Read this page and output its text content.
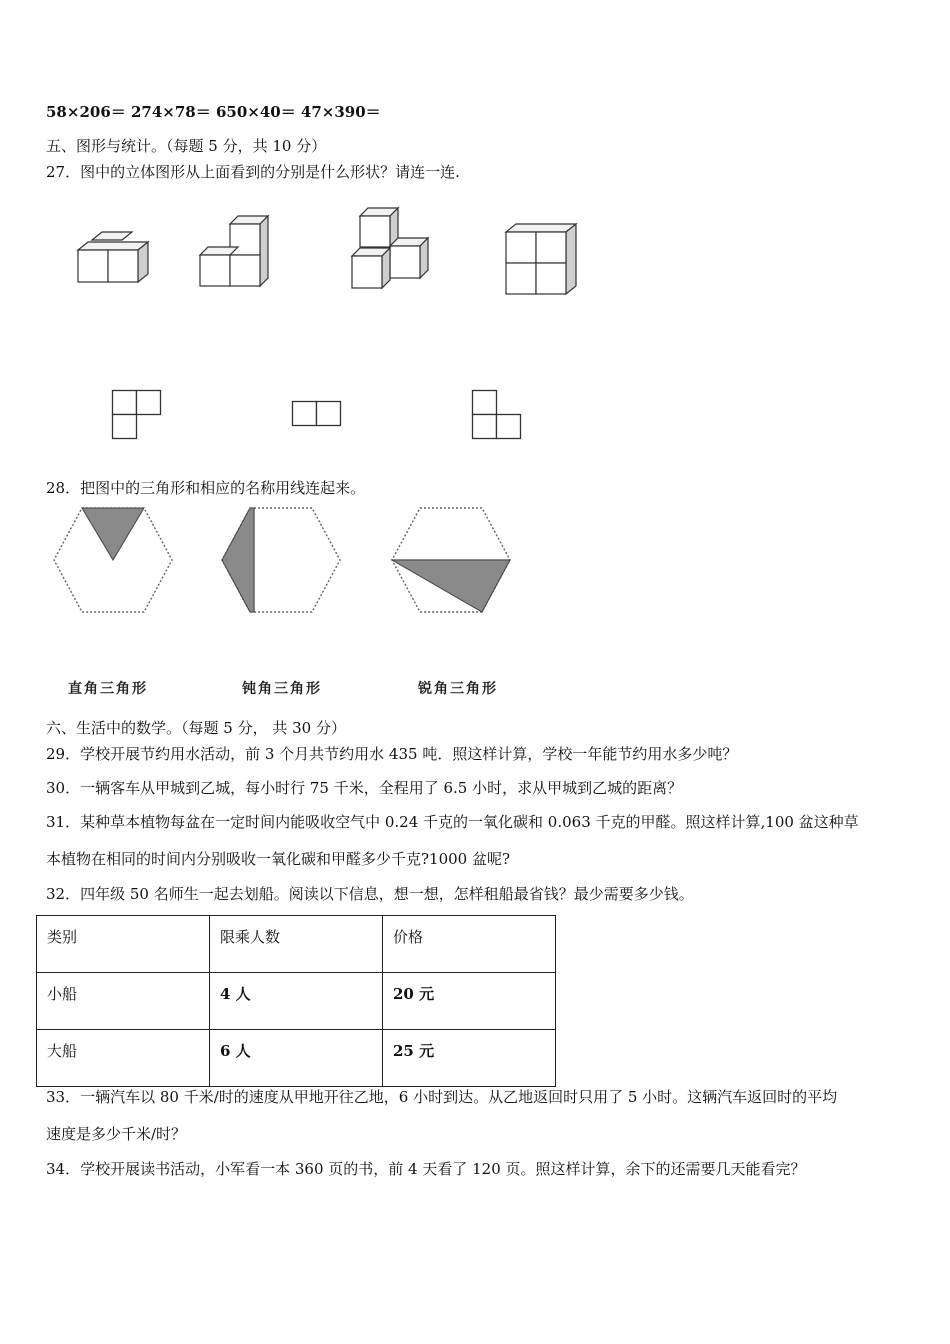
58×206＝ 274×78＝ 650×40＝ 47×390＝
五、图形与统计。（每题 5 分，共 10 分）
27．图中的立体图形从上面看到的分别是什么形状？请连一连.
28．把图中的三角形和相应的名称用线连起来。
直角三角形	钝角三角形	锐角三角形
六、生活中的数学。（每题 5 分， 共 30 分）
29．学校开展节约用水活动，前 3 个月共节约用水 435 吨．照这样计算，学校一年能节约用水多少吨？
30．一辆客车从甲城到乙城，每小时行 75 千米，全程用了 6.5 小时，求从甲城到乙城的距离？
31．某种草本植物每盆在一定时间内能吸收空气中 0.24 千克的一氧化碳和 0.063 千克的甲醛。照这样计算,100 盆这种草
本植物在相同的时间内分别吸收一氧化碳和甲醛多少千克?1000 盆呢?
32．四年级 50 名师生一起去划船。阅读以下信息，想一想，怎样租船最省钱？最少需要多少钱。
类别	限乘人数	价格
小船	4 人	20 元
大船	6 人	25 元
33．一辆汽车以 80 千米/时的速度从甲地开往乙地，6 小时到达。从乙地返回时只用了 5 小时。这辆汽车返回时的平均
速度是多少千米/时？
34．学校开展读书活动，小军看一本 360 页的书，前 4 天看了 120 页。照这样计算，余下的还需要几天能看完？
